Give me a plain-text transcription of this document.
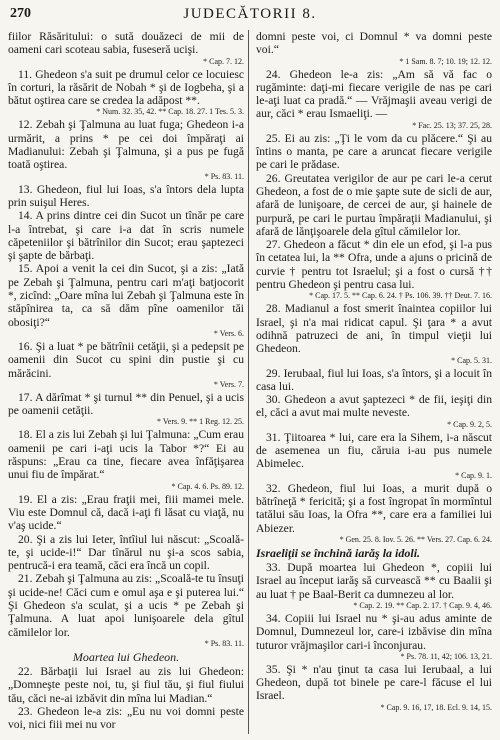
270	JUDECĂTORII 8.

fiilor Răsăritului: o sută douăzeci de mii de oameni cari scoteau sabia, fuseseră ucişi.

* Cap. 7. 12.

11. Ghedeon s'a suit pe drumul celor ce locuiesc în corturi, la răsărit de Nobah * şi de Iogbeha, şi a bătut oştirea care se credea la adăpost **.

* Num. 32. 35, 42. ** Cap. 18. 27. 1 Tes. 5. 3.

12. Zebah şi Ţalmuna au luat fuga; Ghedeon i-a urmărit, a prins * pe cei doi împăraţi ai Madianului: Zebah şi Ţalmuna, şi a pus pe fugă toată oştirea.

* Ps. 83. 11.

13. Ghedeon, fiul lui Ioas, s'a întors dela lupta prin suişul Heres.

14. A prins dintre cei din Sucot un tînăr pe care l-a întrebat, şi care i-a dat în scris numele căpeteniilor şi bătrînilor din Sucot; erau şaptezeci şi şapte de bărbaţi.

15. Apoi a venit la cei din Sucot, şi a zis: „Iată pe Zebah şi Ţalmuna, pentru cari m'aţi batjocorit *, zicînd: „Oare mîna lui Zebah şi Ţalmuna este în stăpînirea ta, ca să dăm pîne oamenilor tăi obosiţi?“

* Vers. 6.

16. Şi a luat * pe bătrînii cetăţii, şi a pedepsit pe oamenii din Sucot cu spini din pustie şi cu mărăcini.

* Vers. 7.

17. A dărîmat * şi turnul ** din Penuel, şi a ucis pe oamenii cetăţii.

* Vers. 9. ** 1 Reg. 12. 25.

18. El a zis lui Zebah şi lui Ţalmuna: „Cum erau oamenii pe cari i-aţi ucis la Tabor *?“ Ei au răspuns: „Erau ca tine, fiecare avea înfăţişarea unui fiu de împărat.“

* Cap. 4. 6. Ps. 89. 12.

19. El a zis: „Erau fraţii mei, fiii mamei mele. Viu este Domnul că, dacă i-aţi fi lăsat cu viaţă, nu v'aş ucide.“

20. Şi a zis lui Ieter, întîiul lui născut: „Scoală-te, şi ucide-i!“ Dar tînărul nu şi-a scos sabia, pentrucă-i era teamă, căci era încă un copil.

21. Zebah şi Ţalmuna au zis: „Scoală-te tu însuţi şi ucide-ne! Căci cum e omul aşa e şi puterea lui.“ Şi Ghedeon s'a sculat, şi a ucis * pe Zebah şi Ţalmuna. A luat apoi lunişoarele dela gîtul cămilelor lor.

* Ps. 83. 11.

Moartea lui Ghedeon.

22. Bărbaţii lui Israel au zis lui Ghedeon: „Domneşte peste noi, tu, şi fiul tău, şi fiul fiului tău, căci ne-ai izbăvit din mîna lui Madian.“

23. Ghedeon le-a zis: „Eu nu voi domni peste voi, nici fiii mei nu vor

domni peste voi, ci Domnul * va domni peste voi.“

* 1 Sam. 8. 7; 10. 19; 12. 12.

24. Ghedeon le-a zis: „Am să vă fac o rugăminte: daţi-mi fiecare verigile de nas pe cari le-aţi luat ca pradă.“ — Vrăjmaşii aveau verigi de aur, căci * erau Ismaeliţi. —

* Fac. 25. 13; 37. 25, 28.

25. Ei au zis: „Ţi le vom da cu plăcere.“ Şi au întins o manta, pe care a aruncat fiecare verigile pe cari le prădase.

26. Greutatea verigilor de aur pe cari le-a cerut Ghedeon, a fost de o mie şapte sute de sicli de aur, afară de lunişoare, de cercei de aur, şi hainele de purpură, pe cari le purtau împăraţii Madianului, şi afară de lănţişoarele dela gîtul cămilelor lor.

27. Ghedeon a făcut * din ele un efod, şi l-a pus în cetatea lui, la ** Ofra, unde a ajuns o pricină de curvie † pentru tot Israelul; şi a fost o cursă †† pentru Ghedeon şi pentru casa lui.

* Cap. 17. 5. ** Cap. 6. 24. † Ps. 106. 39. †† Deut. 7. 16.

28. Madianul a fost smerit înaintea copiilor lui Israel, şi n'a mai ridicat capul. Şi ţara * a avut odihnă patruzeci de ani, în timpul vieţii lui Ghedeon.

* Cap. 5. 31.

29. Ierubaal, fiul lui Ioas, s'a întors, şi a locuit în casa lui.

30. Ghedeon a avut şaptezeci * de fii, ieşiţi din el, căci a avut mai multe neveste.

* Cap. 9. 2, 5.

31. Ţiitoarea * lui, care era la Sihem, i-a născut de asemenea un fiu, căruia i-au pus numele Abimelec.

* Cap. 9. 1.

32. Ghedeon, fiul lui Ioas, a murit după o bătrîneţă * fericită; şi a fost îngropat în mormîntul tatălui său Ioas, la Ofra **, care era a familiei lui Abiezer.

* Gen. 25. 8. Iov. 5. 26. ** Vers. 27. Cap. 6. 24.

Israeliţii se închină iarăş la idoli.

33. După moartea lui Ghedeon *, copiii lui Israel au început iarăş să curvească ** cu Baalii şi au luat † pe Baal-Berit ca dumnezeu al lor.

* Cap. 2. 19. ** Cap. 2. 17. † Cap. 9. 4, 46.

34. Copiii lui Israel nu * şi-au adus aminte de Domnul, Dumnezeul lor, care-i izbăvise din mîna tuturor vrăjmaşilor cari-i înconjurau.

* Ps. 78. 11, 42; 106. 13, 21.

35. Şi * n'au ţinut ta casa lui Ierubaal, a lui Ghedeon, după tot binele pe care-l făcuse el lui Israel.

* Cap. 9. 16, 17, 18. Ecl. 9. 14, 15.
